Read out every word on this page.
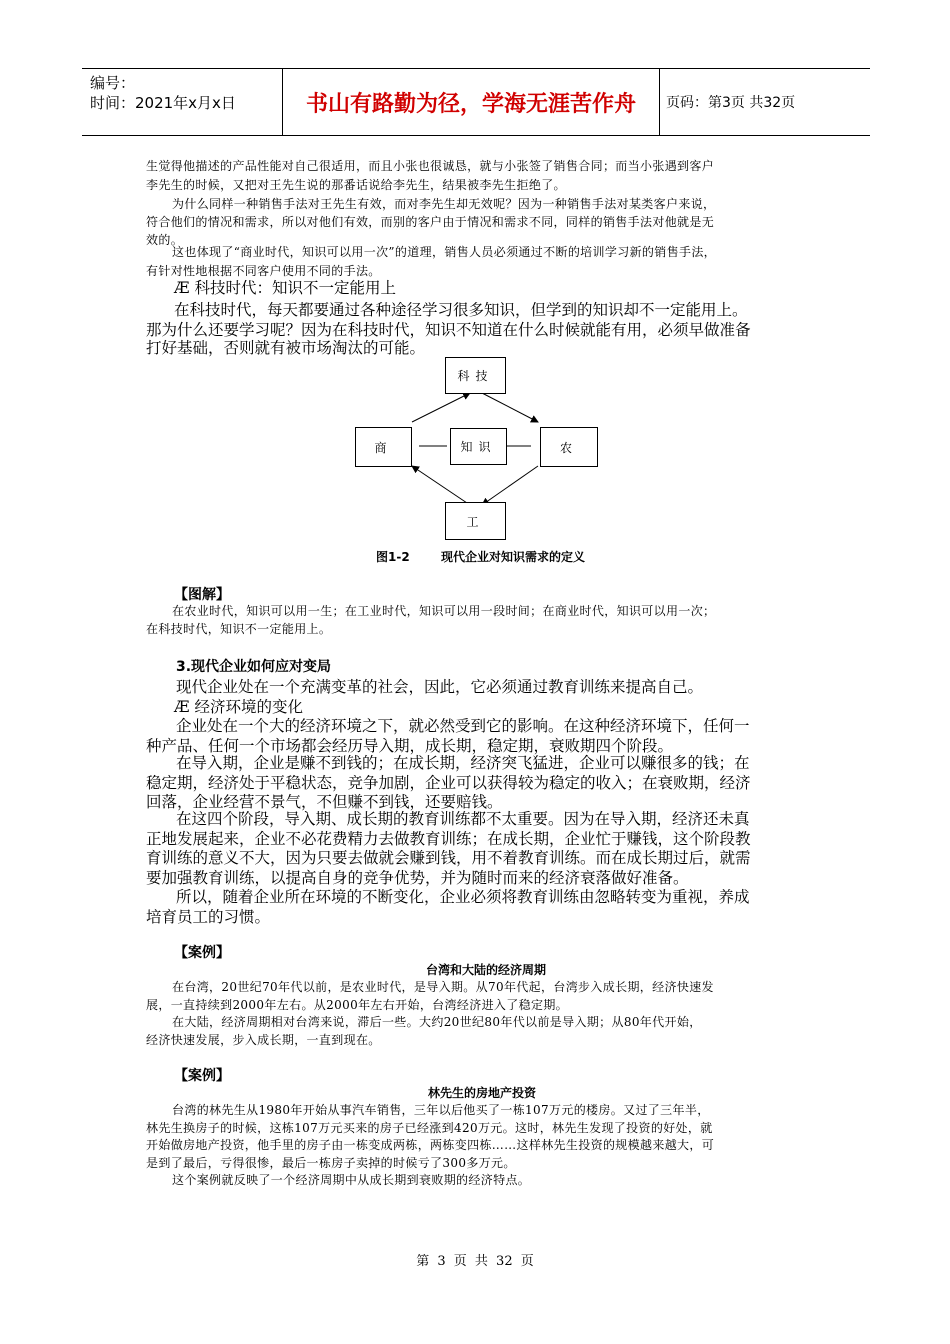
编号：
时间：2021年x月x日	书山有路勤为径，学海无涯苦作舟	页码：第3页 共32页
生觉得他描述的产品性能对自己很适用，而且小张也很诚恳，就与小张签了销售合同；而当小张遇到客户
李先生的时候，又把对王先生说的那番话说给李先生，结果被李先生拒绝了。
为什么同样一种销售手法对王先生有效，而对李先生却无效呢？因为一种销售手法对某类客户来说，
符合他们的情况和需求，所以对他们有效，而别的客户由于情况和需求不同，同样的销售手法对他就是无
效的。
这也体现了“商业时代，知识可以用一次”的道理，销售人员必须通过不断的培训学习新的销售手法，
有针对性地根据不同客户使用不同的手法。
Æ 科技时代：知识不一定能用上
在科技时代，每天都要通过各种途径学习很多知识，但学到的知识却不一定能用上。
那为什么还要学习呢？因为在科技时代，知识不知道在什么时候就能有用，必须早做准备
打好基础，否则就有被市场淘汰的可能。
科技
商	知识	农
工
图1-2	现代企业对知识需求的定义
【图解】
在农业时代，知识可以用一生；在工业时代，知识可以用一段时间；在商业时代，知识可以用一次；
在科技时代，知识不一定能用上。
3.现代企业如何应对变局
现代企业处在一个充满变革的社会，因此，它必须通过教育训练来提高自己。
Æ 经济环境的变化
企业处在一个大的经济环境之下，就必然受到它的影响。在这种经济环境下，任何一
种产品、任何一个市场都会经历导入期，成长期，稳定期，衰败期四个阶段。
在导入期，企业是赚不到钱的；在成长期，经济突飞猛进，企业可以赚很多的钱；在
稳定期，经济处于平稳状态，竞争加剧，企业可以获得较为稳定的收入；在衰败期，经济
回落，企业经营不景气，不但赚不到钱，还要赔钱。
在这四个阶段，导入期、成长期的教育训练都不太重要。因为在导入期，经济还未真
正地发展起来，企业不必花费精力去做教育训练；在成长期，企业忙于赚钱，这个阶段教
育训练的意义不大，因为只要去做就会赚到钱，用不着教育训练。而在成长期过后，就需
要加强教育训练，以提高自身的竞争优势，并为随时而来的经济衰落做好准备。
所以，随着企业所在环境的不断变化，企业必须将教育训练由忽略转变为重视，养成
培育员工的习惯。
【案例】
台湾和大陆的经济周期
在台湾，20世纪70年代以前，是农业时代，是导入期。从70年代起，台湾步入成长期，经济快速发
展，一直持续到2000年左右。从2000年左右开始，台湾经济进入了稳定期。
在大陆，经济周期相对台湾来说，滞后一些。大约20世纪80年代以前是导入期；从80年代开始，
经济快速发展，步入成长期，一直到现在。
【案例】
林先生的房地产投资
台湾的林先生从1980年开始从事汽车销售，三年以后他买了一栋107万元的楼房。又过了三年半，
林先生换房子的时候，这栋107万元买来的房子已经涨到420万元。这时，林先生发现了投资的好处，就
开始做房地产投资，他手里的房子由一栋变成两栋，两栋变四栋……这样林先生投资的规模越来越大，可
是到了最后，亏得很惨，最后一栋房子卖掉的时候亏了300多万元。
这个案例就反映了一个经济周期中从成长期到衰败期的经济特点。
第 3 页 共 32 页
